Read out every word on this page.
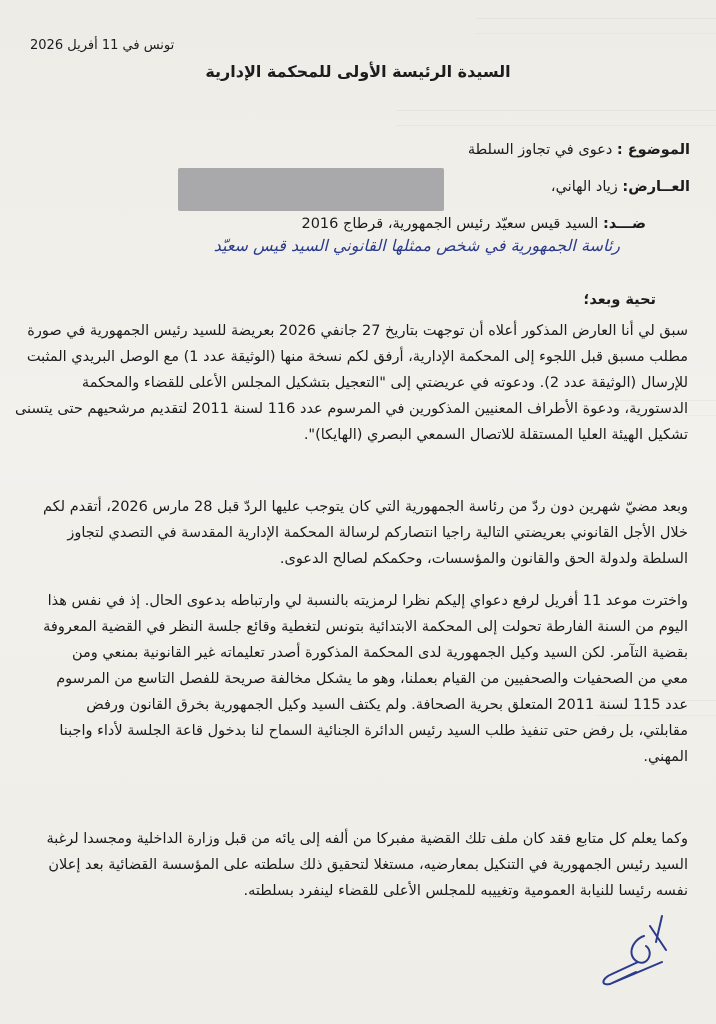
تونس في 11 أفريل 2026
السيدة الرئيسة الأولى للمحكمة الإدارية
الموضوع : دعوى في تجاوز السلطة
العــارض: زياد الهاني،
ضـــد: السيد قيس سعيّد رئيس الجمهورية، قرطاج 2016
رئاسة الجمهورية في شخص ممثلها القانوني السيد قيس سعيّد
تحية وبعد؛
سبق لي أنا العارض المذكور أعلاه أن توجهت بتاريخ 27 جانفي 2026 بعريضة للسيد رئيس الجمهورية في صورة
مطلب مسبق قبل اللجوء إلى المحكمة الإدارية، أرفق لكم نسخة منها (الوثيقة عدد 1) مع الوصل البريدي المثبت
للإرسال (الوثيقة عدد 2). ودعوته في عريضتي إلى "التعجيل بتشكيل المجلس الأعلى للقضاء والمحكمة
الدستورية، ودعوة الأطراف المعنيين المذكورين في المرسوم عدد 116 لسنة 2011 لتقديم مرشحيهم حتى يتسنى
تشكيل الهيئة العليا المستقلة للاتصال السمعي البصري (الهايكا)".
وبعد مضيّ شهرين دون ردّ من رئاسة الجمهورية التي كان يتوجب عليها الردّ قبل 28 مارس 2026، أتقدم لكم
خلال الأجل القانوني بعريضتي التالية راجيا انتصاركم لرسالة المحكمة الإدارية المقدسة في التصدي لتجاوز
السلطة ولدولة الحق والقانون والمؤسسات، وحكمكم لصالح الدعوى.
واخترت موعد 11 أفريل لرفع دعواي إليكم نظرا لرمزيته بالنسبة لي وارتباطه بدعوى الحال. إذ في نفس هذا
اليوم من السنة الفارطة تحولت إلى المحكمة الابتدائية بتونس لتغطية وقائع جلسة النظر في القضية المعروفة
بقضية التآمر. لكن السيد وكيل الجمهورية لدى المحكمة المذكورة أصدر تعليماته غير القانونية بمنعي ومن
معي من الصحفيات والصحفيين من القيام بعملنا، وهو ما يشكل مخالفة صريحة للفصل التاسع من المرسوم
عدد 115 لسنة 2011 المتعلق بحرية الصحافة. ولم يكتف السيد وكيل الجمهورية بخرق القانون ورفض
مقابلتي، بل رفض حتى تنفيذ طلب السيد رئيس الدائرة الجنائية السماح لنا بدخول قاعة الجلسة لأداء واجبنا
المهني.
وكما يعلم كل متابع فقد كان ملف تلك القضية مفبركا من ألفه إلى يائه من قبل وزارة الداخلية ومجسدا لرغبة
السيد رئيس الجمهورية في التنكيل بمعارضيه، مستغلا لتحقيق ذلك سلطته على المؤسسة القضائية بعد إعلان
نفسه رئيسا للنيابة العمومية وتغييبه للمجلس الأعلى للقضاء لينفرد بسلطته.
